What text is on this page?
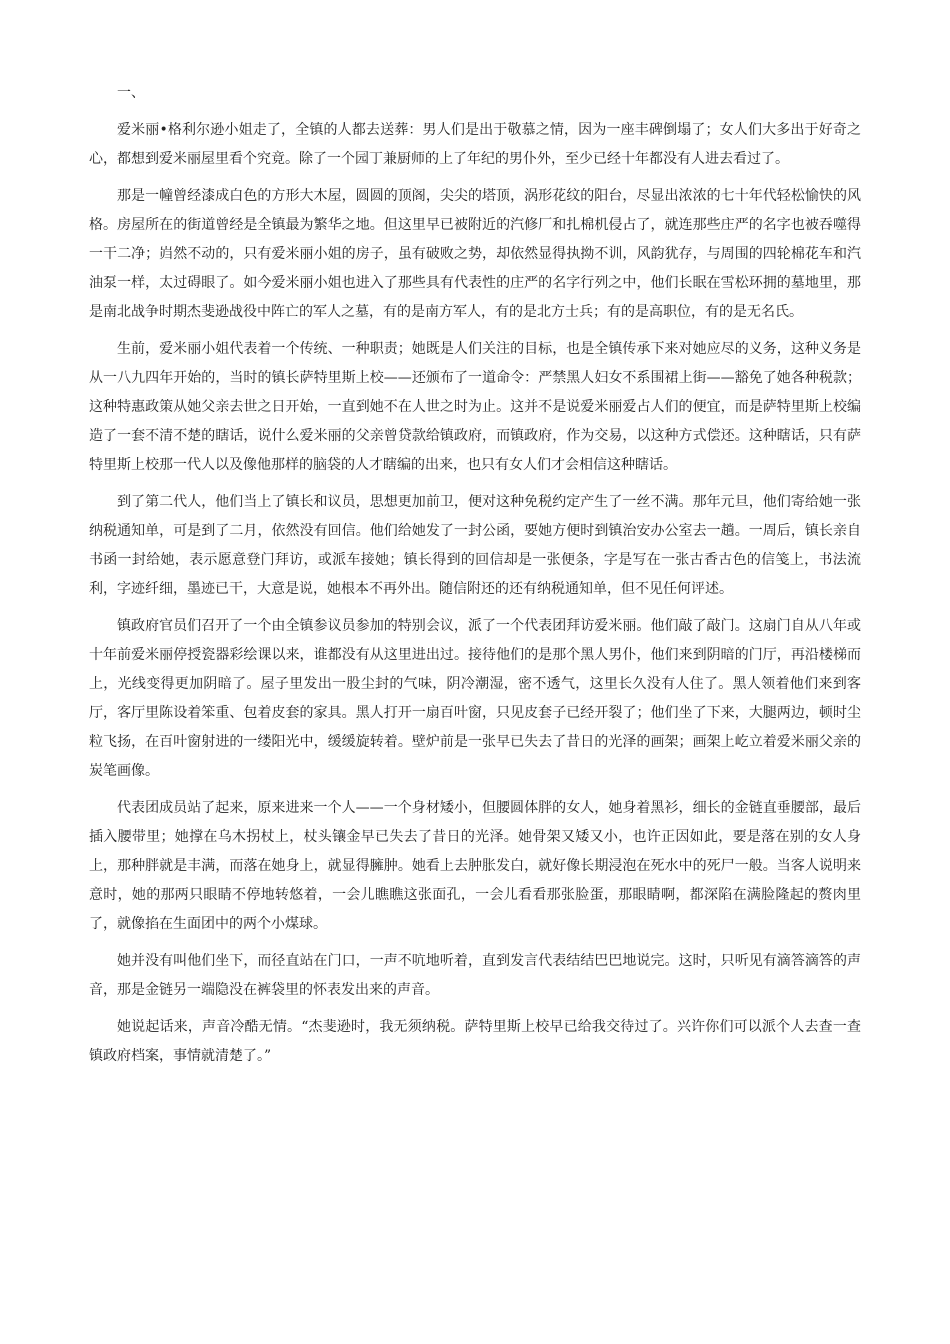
一、

爱米丽•格利尔逊小姐走了，全镇的人都去送葬：男人们是出于敬慕之情，因为一座丰碑倒塌了；女人们大多出于好奇之心，都想到爱米丽屋里看个究竟。除了一个园丁兼厨师的上了年纪的男仆外，至少已经十年都没有人进去看过了。

那是一幢曾经漆成白色的方形大木屋，圆圆的顶阁，尖尖的塔顶，涡形花纹的阳台，尽显出浓浓的七十年代轻松愉快的风格。房屋所在的街道曾经是全镇最为繁华之地。但这里早已被附近的汽修厂和扎棉机侵占了，就连那些庄严的名字也被吞噬得一干二净；岿然不动的，只有爱米丽小姐的房子，虽有破败之势，却依然显得执拗不训，风韵犹存，与周围的四轮棉花车和汽油泵一样，太过碍眼了。如今爱米丽小姐也进入了那些具有代表性的庄严的名字行列之中，他们长眠在雪松环拥的墓地里，那是南北战争时期杰斐逊战役中阵亡的军人之墓，有的是南方军人，有的是北方士兵；有的是高职位，有的是无名氏。

生前，爱米丽小姐代表着一个传统、一种职责；她既是人们关注的目标，也是全镇传承下来对她应尽的义务，这种义务是从一八九四年开始的，当时的镇长萨特里斯上校——还颁布了一道命令：严禁黑人妇女不系围裙上街——豁免了她各种税款；这种特惠政策从她父亲去世之日开始，一直到她不在人世之时为止。这并不是说爱米丽爱占人们的便宜，而是萨特里斯上校编造了一套不清不楚的瞎话，说什么爱米丽的父亲曾贷款给镇政府，而镇政府，作为交易，以这种方式偿还。这种瞎话，只有萨特里斯上校那一代人以及像他那样的脑袋的人才瞎编的出来，也只有女人们才会相信这种瞎话。

到了第二代人，他们当上了镇长和议员，思想更加前卫，便对这种免税约定产生了一丝不满。那年元旦，他们寄给她一张纳税通知单，可是到了二月，依然没有回信。他们给她发了一封公函，要她方便时到镇治安办公室去一趟。一周后，镇长亲自书函一封给她，表示愿意登门拜访，或派车接她；镇长得到的回信却是一张便条，字是写在一张古香古色的信笺上，书法流利，字迹纤细，墨迹已干，大意是说，她根本不再外出。随信附还的还有纳税通知单，但不见任何评述。

镇政府官员们召开了一个由全镇参议员参加的特别会议，派了一个代表团拜访爱米丽。他们敲了敲门。这扇门自从八年或十年前爱米丽停授瓷器彩绘课以来，谁都没有从这里进出过。接待他们的是那个黑人男仆，他们来到阴暗的门厅，再沿楼梯而上，光线变得更加阴暗了。屋子里发出一股尘封的气味，阴冷潮湿，密不透气，这里长久没有人住了。黑人领着他们来到客厅，客厅里陈设着笨重、包着皮套的家具。黑人打开一扇百叶窗，只见皮套子已经开裂了；他们坐了下来，大腿两边，顿时尘粒飞扬，在百叶窗射进的一缕阳光中，缓缓旋转着。壁炉前是一张早已失去了昔日的光泽的画架；画架上屹立着爱米丽父亲的炭笔画像。

代表团成员站了起来，原来进来一个人——一个身材矮小，但腰圆体胖的女人，她身着黑衫，细长的金链直垂腰部，最后插入腰带里；她撑在乌木拐杖上，杖头镶金早已失去了昔日的光泽。她骨架又矮又小，也许正因如此，要是落在别的女人身上，那种胖就是丰满，而落在她身上，就显得臃肿。她看上去肿胀发白，就好像长期浸泡在死水中的死尸一般。当客人说明来意时，她的那两只眼睛不停地转悠着，一会儿瞧瞧这张面孔，一会儿看看那张脸蛋，那眼睛啊，都深陷在满脸隆起的赘肉里了，就像掐在生面团中的两个小煤球。

她并没有叫他们坐下，而径直站在门口，一声不吭地听着，直到发言代表结结巴巴地说完。这时，只听见有滴答滴答的声音，那是金链另一端隐没在裤袋里的怀表发出来的声音。

她说起话来，声音冷酷无情。“杰斐逊时，我无须纳税。萨特里斯上校早已给我交待过了。兴许你们可以派个人去查一查镇政府档案，事情就清楚了。”
